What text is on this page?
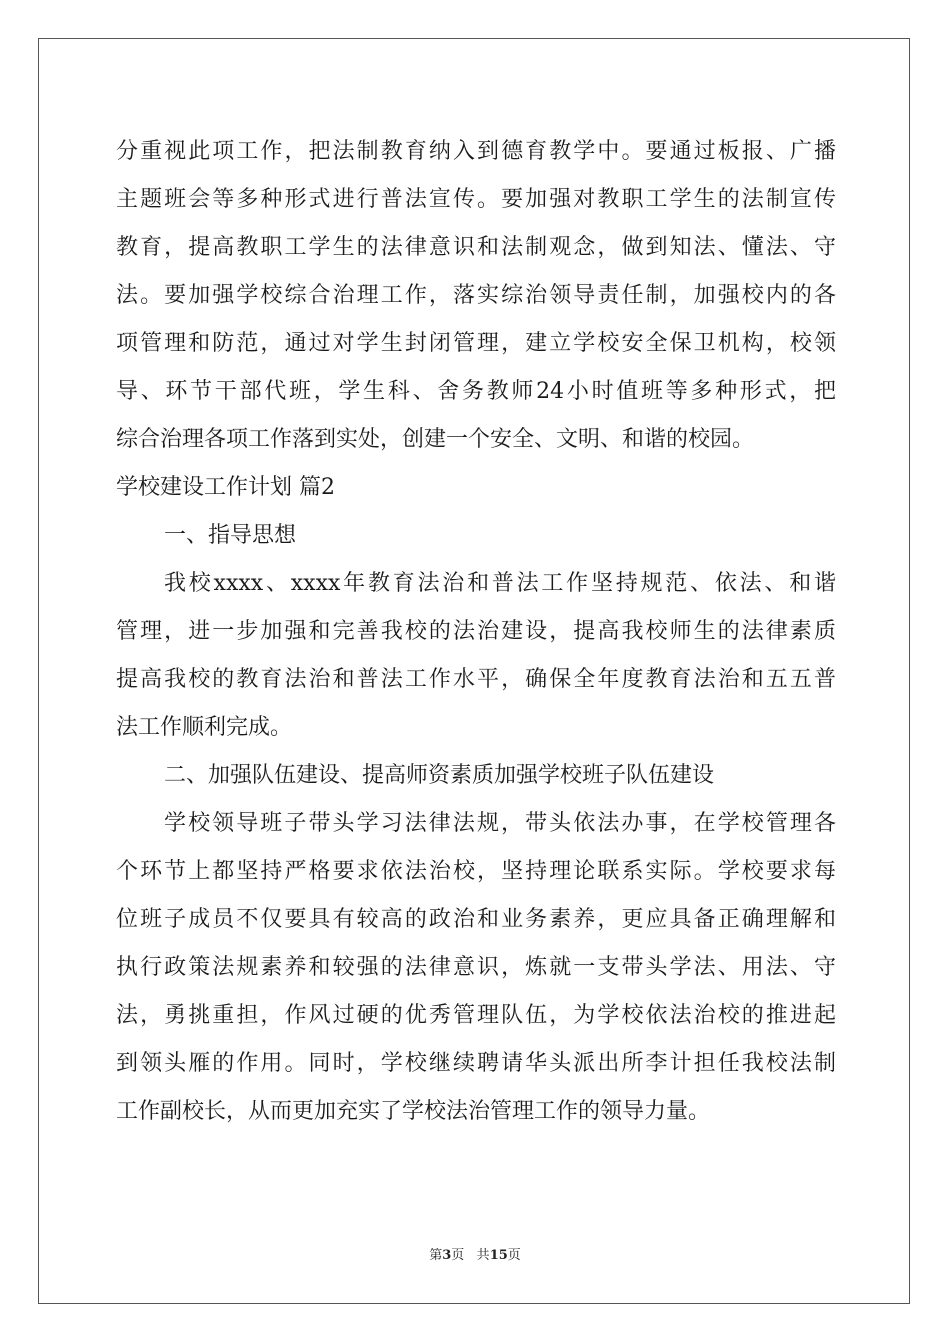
分重视此项工作，把法制教育纳入到德育教学中。要通过板报、广播
主题班会等多种形式进行普法宣传。要加强对教职工学生的法制宣传
教育，提高教职工学生的法律意识和法制观念，做到知法、懂法、守
法。要加强学校综合治理工作，落实综治领导责任制，加强校内的各
项管理和防范，通过对学生封闭管理，建立学校安全保卫机构，校领
导、环节干部代班，学生科、舍务教师24小时值班等多种形式，把
综合治理各项工作落到实处，创建一个安全、文明、和谐的校园。
学校建设工作计划 篇2
一、指导思想
我校xxxx、xxxx年教育法治和普法工作坚持规范、依法、和谐
管理，进一步加强和完善我校的法治建设，提高我校师生的法律素质
提高我校的教育法治和普法工作水平，确保全年度教育法治和五五普
法工作顺利完成。
二、加强队伍建设、提高师资素质加强学校班子队伍建设
学校领导班子带头学习法律法规，带头依法办事，在学校管理各
个环节上都坚持严格要求依法治校，坚持理论联系实际。学校要求每
位班子成员不仅要具有较高的政治和业务素养，更应具备正确理解和
执行政策法规素养和较强的法律意识，炼就一支带头学法、用法、守
法，勇挑重担，作风过硬的优秀管理队伍，为学校依法治校的推进起
到领头雁的作用。同时，学校继续聘请华头派出所李计担任我校法制
工作副校长，从而更加充实了学校法治管理工作的领导力量。
第3页 共15页
